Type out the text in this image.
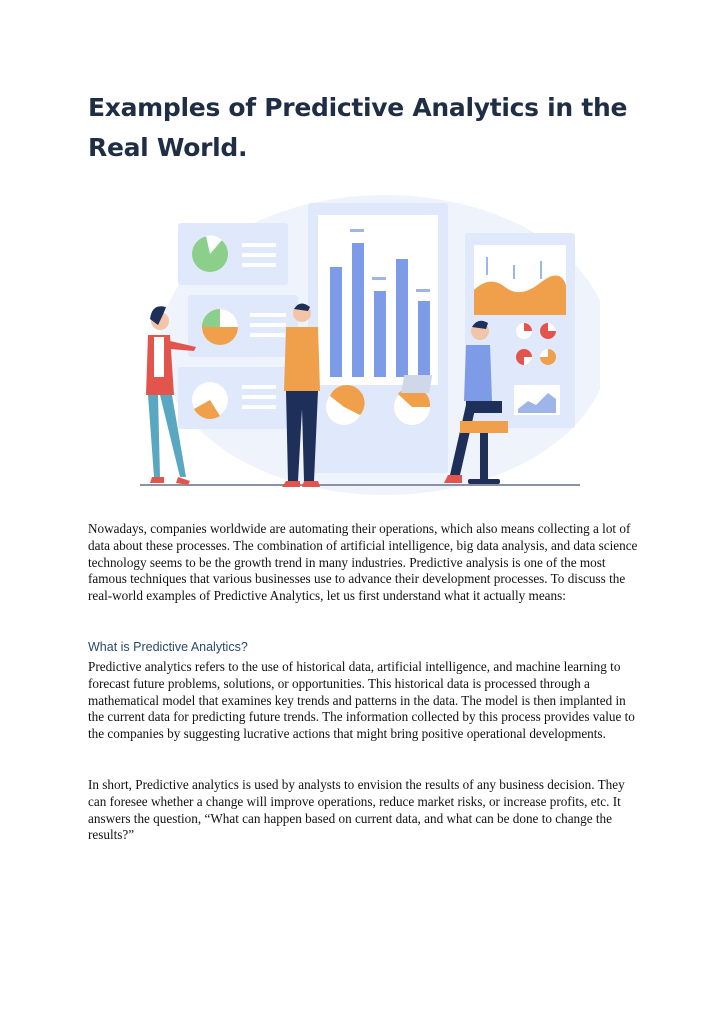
Examples of Predictive Analytics in the Real World.

Nowadays, companies worldwide are automating their operations, which also means collecting a lot of data about these processes. The combination of artificial intelligence, big data analysis, and data science technology seems to be the growth trend in many industries. Predictive analysis is one of the most famous techniques that various businesses use to advance their development processes. To discuss the real-world examples of Predictive Analytics, let us first understand what it actually means:

What is Predictive Analytics?

Predictive analytics refers to the use of historical data, artificial intelligence, and machine learning to forecast future problems, solutions, or opportunities. This historical data is processed through a mathematical model that examines key trends and patterns in the data. The model is then implanted in the current data for predicting future trends. The information collected by this process provides value to the companies by suggesting lucrative actions that might bring positive operational developments.

In short, Predictive analytics is used by analysts to envision the results of any business decision. They can foresee whether a change will improve operations, reduce market risks, or increase profits, etc. It answers the question, “What can happen based on current data, and what can be done to change the results?”
